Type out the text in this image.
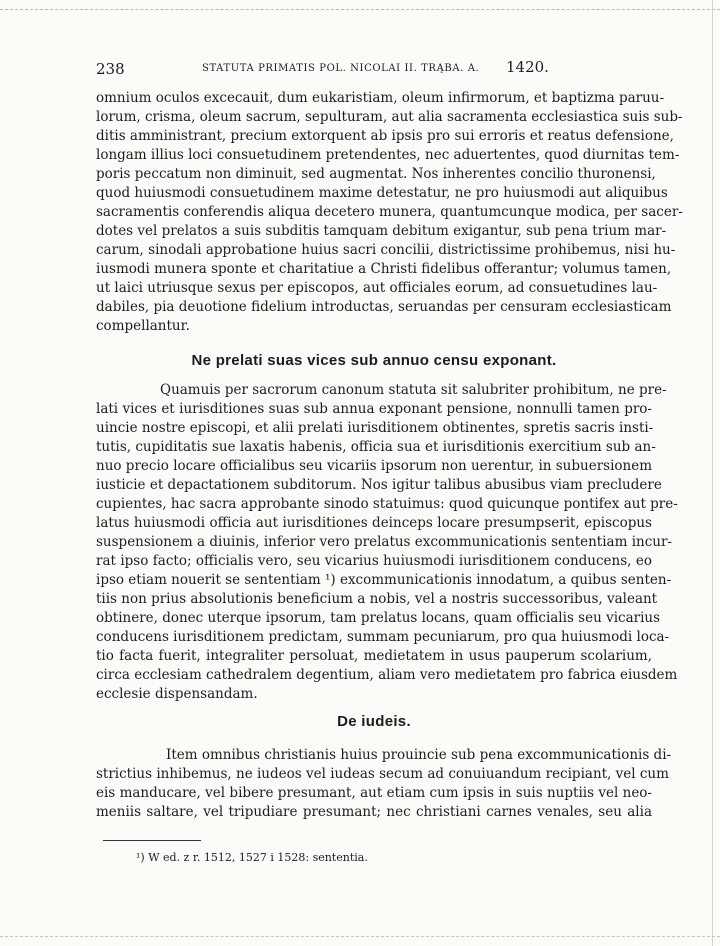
238	STATUTA PRIMATIS POL. NICOLAI II. TRĄBA. A. 1420.
omnium oculos excecauit, dum eukaristiam, oleum infirmorum, et baptizma paruu-
lorum, crisma, oleum sacrum, sepulturam, aut alia sacramenta ecclesiastica suis sub-
ditis amministrant, precium extorquent ab ipsis pro sui erroris et reatus defensione,
longam illius loci consuetudinem pretendentes, nec aduertentes, quod diurnitas tem-
poris peccatum non diminuit, sed augmentat. Nos inherentes concilio thuronensi,
quod huiusmodi consuetudinem maxime detestatur, ne pro huiusmodi aut aliquibus
sacramentis conferendis aliqua decetero munera, quantumcunque modica, per sacer-
dotes vel prelatos a suis subditis tamquam debitum exigantur, sub pena trium mar-
carum, sinodali approbatione huius sacri concilii, districtissime prohibemus, nisi hu-
iusmodi munera sponte et charitatiue a Christi fidelibus offerantur; volumus tamen,
ut laici utriusque sexus per episcopos, aut officiales eorum, ad consuetudines lau-
dabiles, pia deuotione fidelium introductas, seruandas per censuram ecclesiasticam
compellantur.
Ne prelati suas vices sub annuo censu exponant.
Quamuis per sacrorum canonum statuta sit salubriter prohibitum, ne pre-
lati vices et iurisditiones suas sub annua exponant pensione, nonnulli tamen pro-
uincie nostre episcopi, et alii prelati iurisditionem obtinentes, spretis sacris insti-
tutis, cupiditatis sue laxatis habenis, officia sua et iurisditionis exercitium sub an-
nuo precio locare officialibus seu vicariis ipsorum non uerentur, in subuersionem
iusticie et depactationem subditorum. Nos igitur talibus abusibus viam precludere
cupientes, hac sacra approbante sinodo statuimus: quod quicunque pontifex aut pre-
latus huiusmodi officia aut iurisditiones deinceps locare presumpserit, episcopus
suspensionem a diuinis, inferior vero prelatus excommunicationis sententiam incur-
rat ipso facto; officialis vero, seu vicarius huiusmodi iurisditionem conducens, eo
ipso etiam nouerit se sententiam ¹) excommunicationis innodatum, a quibus senten-
tiis non prius absolutionis beneficium a nobis, vel a nostris successoribus, valeant
obtinere, donec uterque ipsorum, tam prelatus locans, quam officialis seu vicarius
conducens iurisditionem predictam, summam pecuniarum, pro qua huiusmodi loca-
tio facta fuerit, integraliter persoluat, medietatem in usus pauperum scolarium,
circa ecclesiam cathedralem degentium, aliam vero medietatem pro fabrica eiusdem
ecclesie dispensandam.
De iudeis.
Item omnibus christianis huius prouincie sub pena excommunicationis di-
strictius inhibemus, ne iudeos vel iudeas secum ad conuiuandum recipiant, vel cum
eis manducare, vel bibere presumant, aut etiam cum ipsis in suis nuptiis vel neo-
meniis saltare, vel tripudiare presumant; nec christiani carnes venales, seu alia
¹) W ed. z r. 1512, 1527 i 1528: sententia.
